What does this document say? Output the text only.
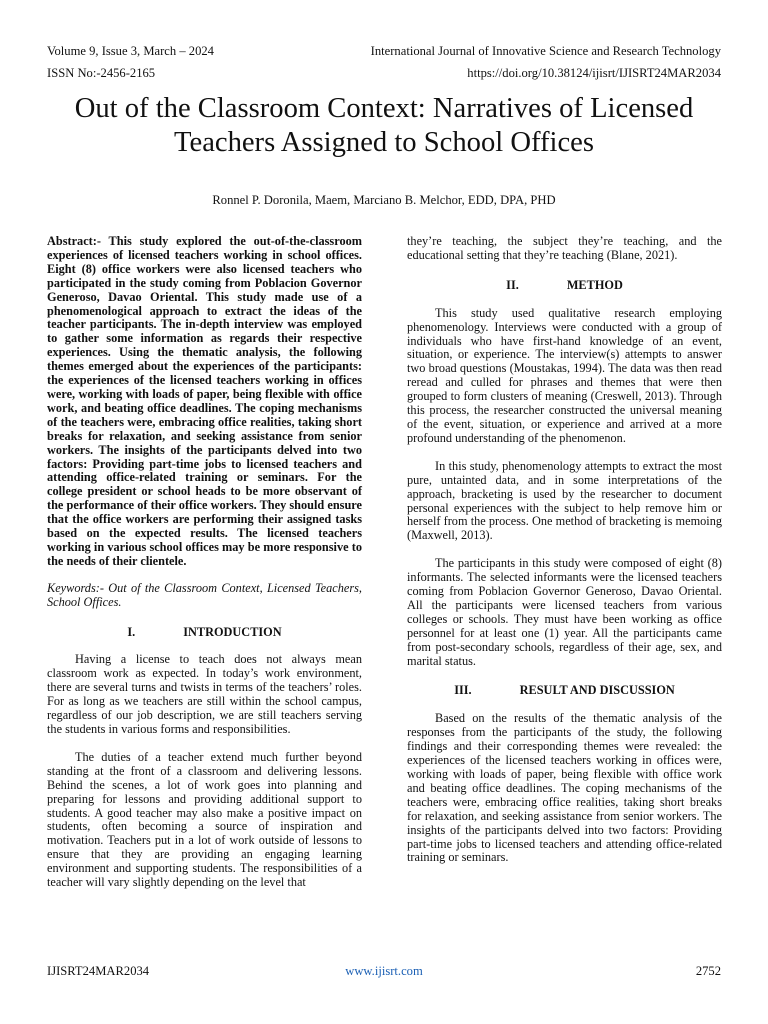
Volume 9, Issue 3, March – 2024
ISSN No:-2456-2165
International Journal of Innovative Science and Research Technology
https://doi.org/10.38124/ijisrt/IJISRT24MAR2034
Out of the Classroom Context: Narratives of Licensed Teachers Assigned to School Offices
Ronnel P. Doronila, Maem, Marciano B. Melchor, EDD, DPA, PHD

Abstract:- This study explored the out-of-the-classroom experiences of licensed teachers working in school offices. Eight (8) office workers were also licensed teachers who participated in the study coming from Poblacion Governor Generoso, Davao Oriental. This study made use of a phenomenological approach to extract the ideas of the teacher participants. The in-depth interview was employed to gather some information as regards their respective experiences. Using the thematic analysis, the following themes emerged about the experiences of the participants: the experiences of the licensed teachers working in offices were, working with loads of paper, being flexible with office work, and beating office deadlines. The coping mechanisms of the teachers were, embracing office realities, taking short breaks for relaxation, and seeking assistance from senior workers. The insights of the participants delved into two factors: Providing part-time jobs to licensed teachers and attending office-related training or seminars. For the college president or school heads to be more observant of the performance of their office workers. They should ensure that the office workers are performing their assigned tasks based on the expected results. The licensed teachers working in various school offices may be more responsive to the needs of their clientele.

Keywords:- Out of the Classroom Context, Licensed Teachers, School Offices.

I.	INTRODUCTION

Having a license to teach does not always mean classroom work as expected. In today’s work environment, there are several turns and twists in terms of the teachers’ roles. For as long as we teachers are still within the school campus, regardless of our job description, we are still teachers serving the students in various forms and responsibilities.

The duties of a teacher extend much further beyond standing at the front of a classroom and delivering lessons. Behind the scenes, a lot of work goes into planning and preparing for lessons and providing additional support to students. A good teacher may also make a positive impact on students, often becoming a source of inspiration and motivation. Teachers put in a lot of work outside of lessons to ensure that they are providing an engaging learning environment and supporting students. The responsibilities of a teacher will vary slightly depending on the level that

they’re teaching, the subject they’re teaching, and the educational setting that they’re teaching (Blane, 2021).

II.	METHOD

This study used qualitative research employing phenomenology. Interviews were conducted with a group of individuals who have first-hand knowledge of an event, situation, or experience. The interview(s) attempts to answer two broad questions (Moustakas, 1994). The data was then read reread and culled for phrases and themes that were then grouped to form clusters of meaning (Creswell, 2013). Through this process, the researcher constructed the universal meaning of the event, situation, or experience and arrived at a more profound understanding of the phenomenon.

In this study, phenomenology attempts to extract the most pure, untainted data, and in some interpretations of the approach, bracketing is used by the researcher to document personal experiences with the subject to help remove him or herself from the process. One method of bracketing is memoing (Maxwell, 2013).

The participants in this study were composed of eight (8) informants. The selected informants were the licensed teachers coming from Poblacion Governor Generoso, Davao Oriental. All the participants were licensed teachers from various colleges or schools. They must have been working as office personnel for at least one (1) year. All the participants came from post-secondary schools, regardless of their age, sex, and marital status.

III.	RESULT AND DISCUSSION

Based on the results of the thematic analysis of the responses from the participants of the study, the following findings and their corresponding themes were revealed: the experiences of the licensed teachers working in offices were, working with loads of paper, being flexible with office work and beating office deadlines. The coping mechanisms of the teachers were, embracing office realities, taking short breaks for relaxation, and seeking assistance from senior workers. The insights of the participants delved into two factors: Providing part-time jobs to licensed teachers and attending office-related training or seminars.

IJISRT24MAR2034	www.ijisrt.com	2752
